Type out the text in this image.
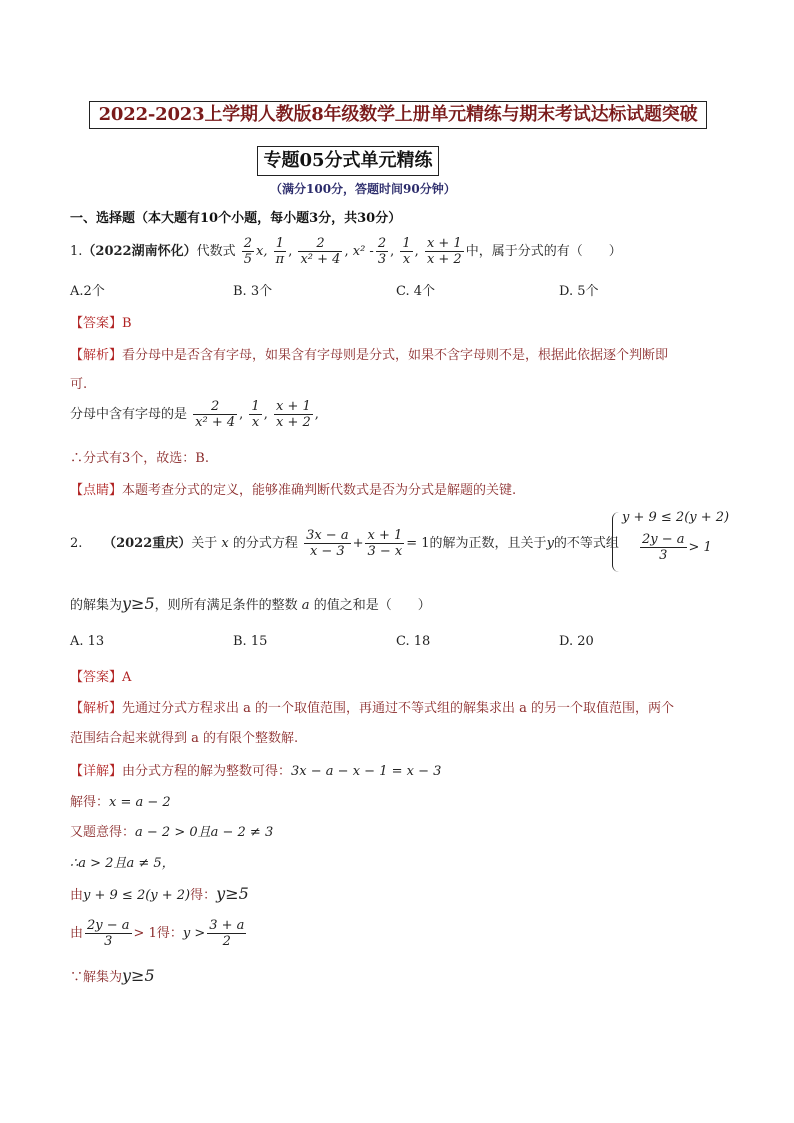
2022-2023上学期人教版8年级数学上册单元精练与期末考试达标试题突破
专题05分式单元精练
（满分100分，答题时间90分钟）
一、选择题（本大题有10个小题，每小题3分，共30分）
1.（2022湖南怀化）代数式 $\frac{2}{5} x$, $\frac{1}{\pi}$ , $\frac{2}{\text{x² + 4}}$ , $x^2 - \frac{2}{3}$ , $\frac{1}{x}$ , $\frac{x + 1}{x + 2}$ 中，属于分式的有（　　）
A.2个	B. 3个	C. 4个	D. 5个
【答案】B
【解析】看分母中是否含有字母，如果含有字母则是分式，如果不含字母则不是，根据此依据逐个判断即
可.
分母中含有字母的是 $\frac{2}{\text{x² + 4}}$ , $\frac{1}{x}$ , $\frac{x + 1}{x + 2}$ ,
∴分式有3个，故选：B.
【点睛】本题考查分式的定义，能够准确判断代数式是否为分式是解题的关键.
2. （2022重庆）关于 x 的分式方程 $\frac{3x - a}{x - 3} + \frac{x + 1}{3 - x} = 1$的解为正数，且关于y的不等式组
y + 9 ≤ 2(y + 2)
$\frac{2y - a}{3} > 1$
的解集为y≥5，则所有满足条件的整数 a 的值之和是（　　）
A. 13	B. 15	C. 18	D. 20
【答案】A
【解析】先通过分式方程求出 a 的一个取值范围，再通过不等式组的解集求出 a 的另一个取值范围，两个
范围结合起来就得到 a 的有限个整数解.
【详解】由分式方程的解为整数可得：3x − a − x − 1 = x − 3
解得：x = a − 2
又题意得：a − 2 > 0且a − 2 ≠ 3
∴a > 2且a ≠ 5，
由y + 9 ≤ 2(y + 2)得：y≥5
由 $\frac{2y - a}{3} > 1$得：$y > \frac{3 + a}{2}$
∵解集为y≥5
